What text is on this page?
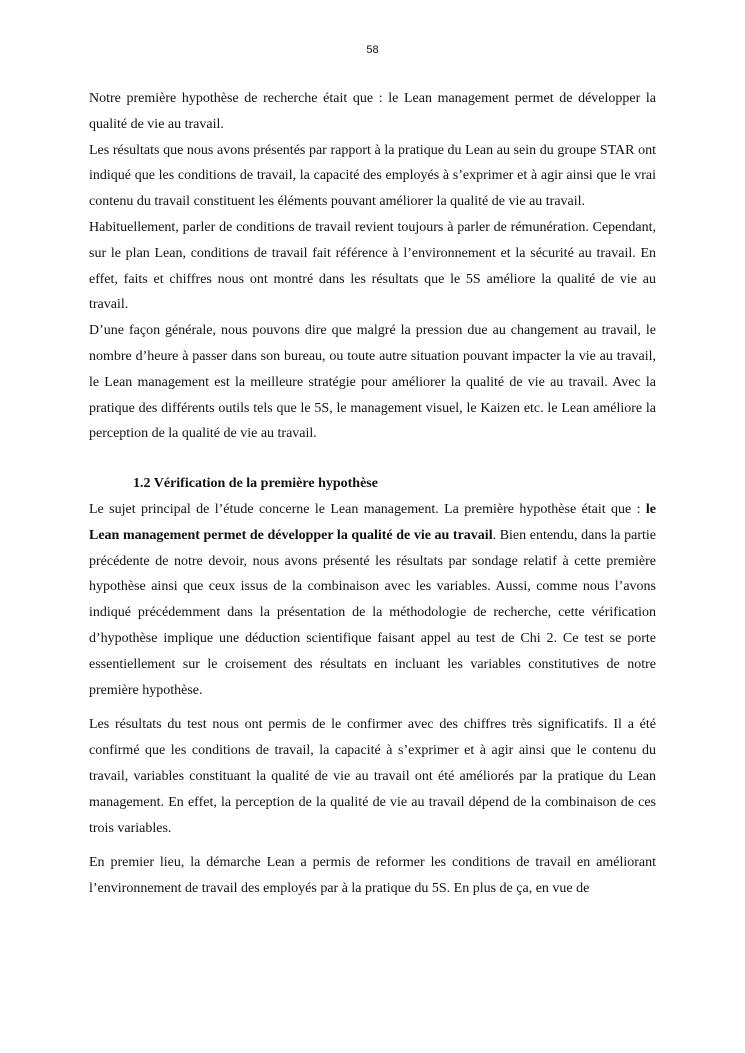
58

Notre première hypothèse de recherche était que : le Lean management permet de développer la qualité de vie au travail.

Les résultats que nous avons présentés par rapport à la pratique du Lean au sein du groupe STAR ont indiqué que les conditions de travail, la capacité des employés à s’exprimer et à agir ainsi que le vrai contenu du travail constituent les éléments pouvant améliorer la qualité de vie au travail.

Habituellement, parler de conditions de travail revient toujours à parler de rémunération. Cependant, sur le plan Lean, conditions de travail fait référence à l’environnement et la sécurité au travail. En effet, faits et chiffres nous ont montré dans les résultats que le 5S améliore la qualité de vie au travail.

D’une façon générale, nous pouvons dire que malgré la pression due au changement au travail, le nombre d’heure à passer dans son bureau, ou toute autre situation pouvant impacter la vie au travail, le Lean management est la meilleure stratégie pour améliorer la qualité de vie au travail. Avec la pratique des différents outils tels que le 5S, le management visuel, le Kaizen etc. le Lean améliore la perception de la qualité de vie au travail.

1.2 Vérification de la première hypothèse

Le sujet principal de l’étude concerne le Lean management. La première hypothèse était que : le Lean management permet de développer la qualité de vie au travail. Bien entendu, dans la partie précédente de notre devoir, nous avons présenté les résultats par sondage relatif à cette première hypothèse ainsi que ceux issus de la combinaison avec les variables. Aussi, comme nous l’avons indiqué précédemment dans la présentation de la méthodologie de recherche, cette vérification d’hypothèse implique une déduction scientifique faisant appel au test de Chi 2. Ce test se porte essentiellement sur le croisement des résultats en incluant les variables constitutives de notre première hypothèse.

Les résultats du test nous ont permis de le confirmer avec des chiffres très significatifs. Il a été confirmé que les conditions de travail, la capacité à s’exprimer et à agir ainsi que le contenu du travail, variables constituant la qualité de vie au travail ont été améliorés par la pratique du Lean management. En effet, la perception de la qualité de vie au travail dépend de la combinaison de ces trois variables.

En premier lieu, la démarche Lean a permis de reformer les conditions de travail en améliorant l’environnement de travail des employés par à la pratique du 5S. En plus de ça, en vue de
